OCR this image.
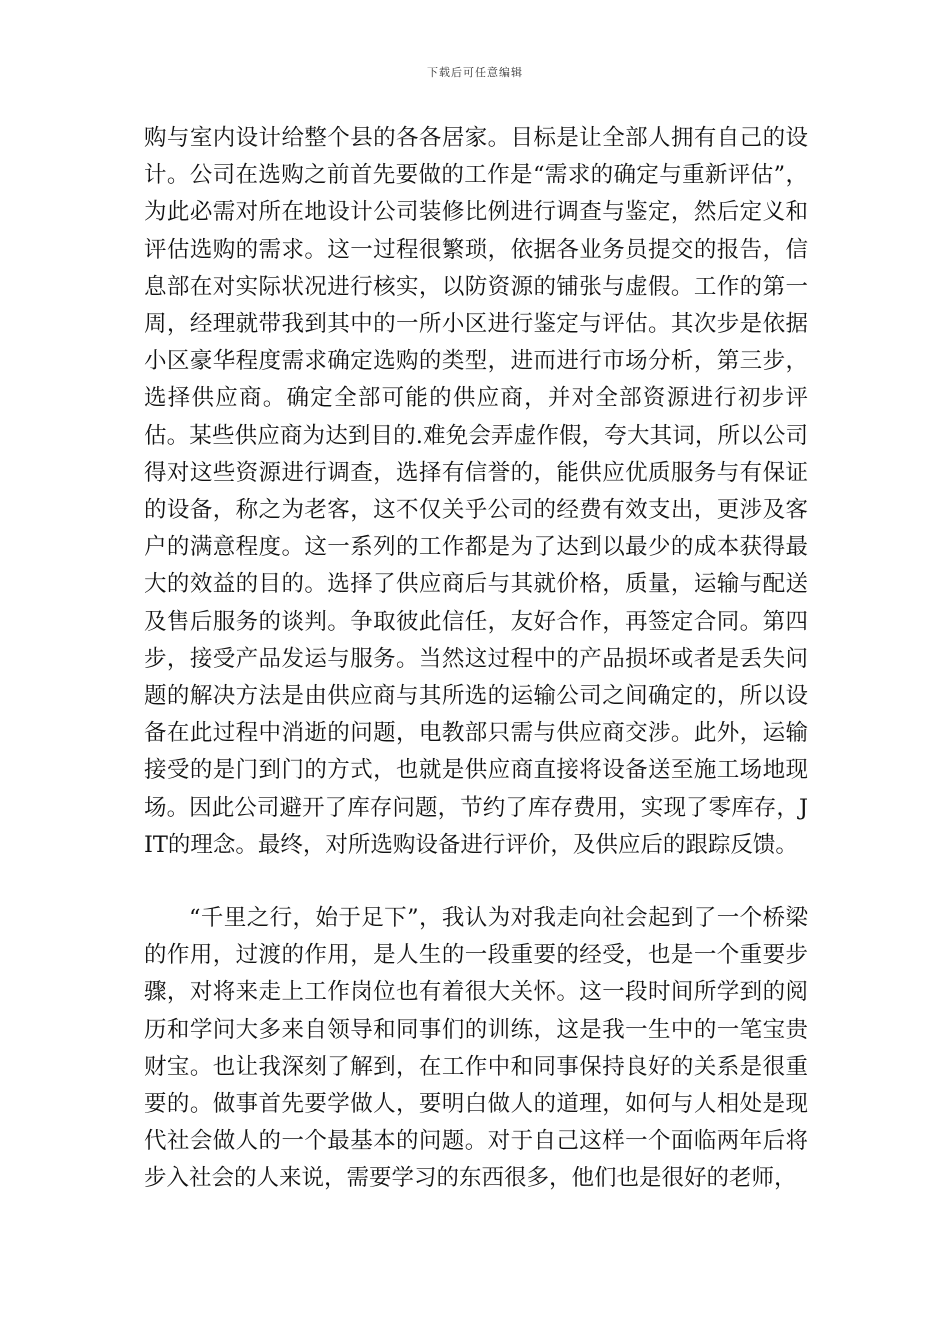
下载后可任意编辑

购与室内设计给整个县的各各居家。目标是让全部人拥有自己的设计。公司在选购之前首先要做的工作是“需求的确定与重新评估”，为此必需对所在地设计公司装修比例进行调查与鉴定，然后定义和评估选购的需求。这一过程很繁琐，依据各业务员提交的报告，信息部在对实际状况进行核实，以防资源的铺张与虚假。工作的第一周，经理就带我到其中的一所小区进行鉴定与评估。其次步是依据小区豪华程度需求确定选购的类型，进而进行市场分析，第三步，选择供应商。确定全部可能的供应商，并对全部资源进行初步评估。某些供应商为达到目的.难免会弄虚作假，夸大其词，所以公司得对这些资源进行调查，选择有信誉的，能供应优质服务与有保证的设备，称之为老客，这不仅关乎公司的经费有效支出，更涉及客户的满意程度。这一系列的工作都是为了达到以最少的成本获得最大的效益的目的。选择了供应商后与其就价格，质量，运输与配送及售后服务的谈判。争取彼此信任，友好合作，再签定合同。第四步，接受产品发运与服务。当然这过程中的产品损坏或者是丢失问题的解决方法是由供应商与其所选的运输公司之间确定的，所以设备在此过程中消逝的问题，电教部只需与供应商交涉。此外，运输接受的是门到门的方式，也就是供应商直接将设备送至施工场地现场。因此公司避开了库存问题，节约了库存费用，实现了零库存，JIT的理念。最终，对所选购设备进行评价，及供应后的跟踪反馈。

“千里之行，始于足下”，我认为对我走向社会起到了一个桥梁的作用，过渡的作用，是人生的一段重要的经受，也是一个重要步骤，对将来走上工作岗位也有着很大关怀。这一段时间所学到的阅历和学问大多来自领导和同事们的训练，这是我一生中的一笔宝贵财宝。也让我深刻了解到，在工作中和同事保持良好的关系是很重要的。做事首先要学做人，要明白做人的道理，如何与人相处是现代社会做人的一个最基本的问题。对于自己这样一个面临两年后将步入社会的人来说，需要学习的东西很多，他们也是很好的老师，
